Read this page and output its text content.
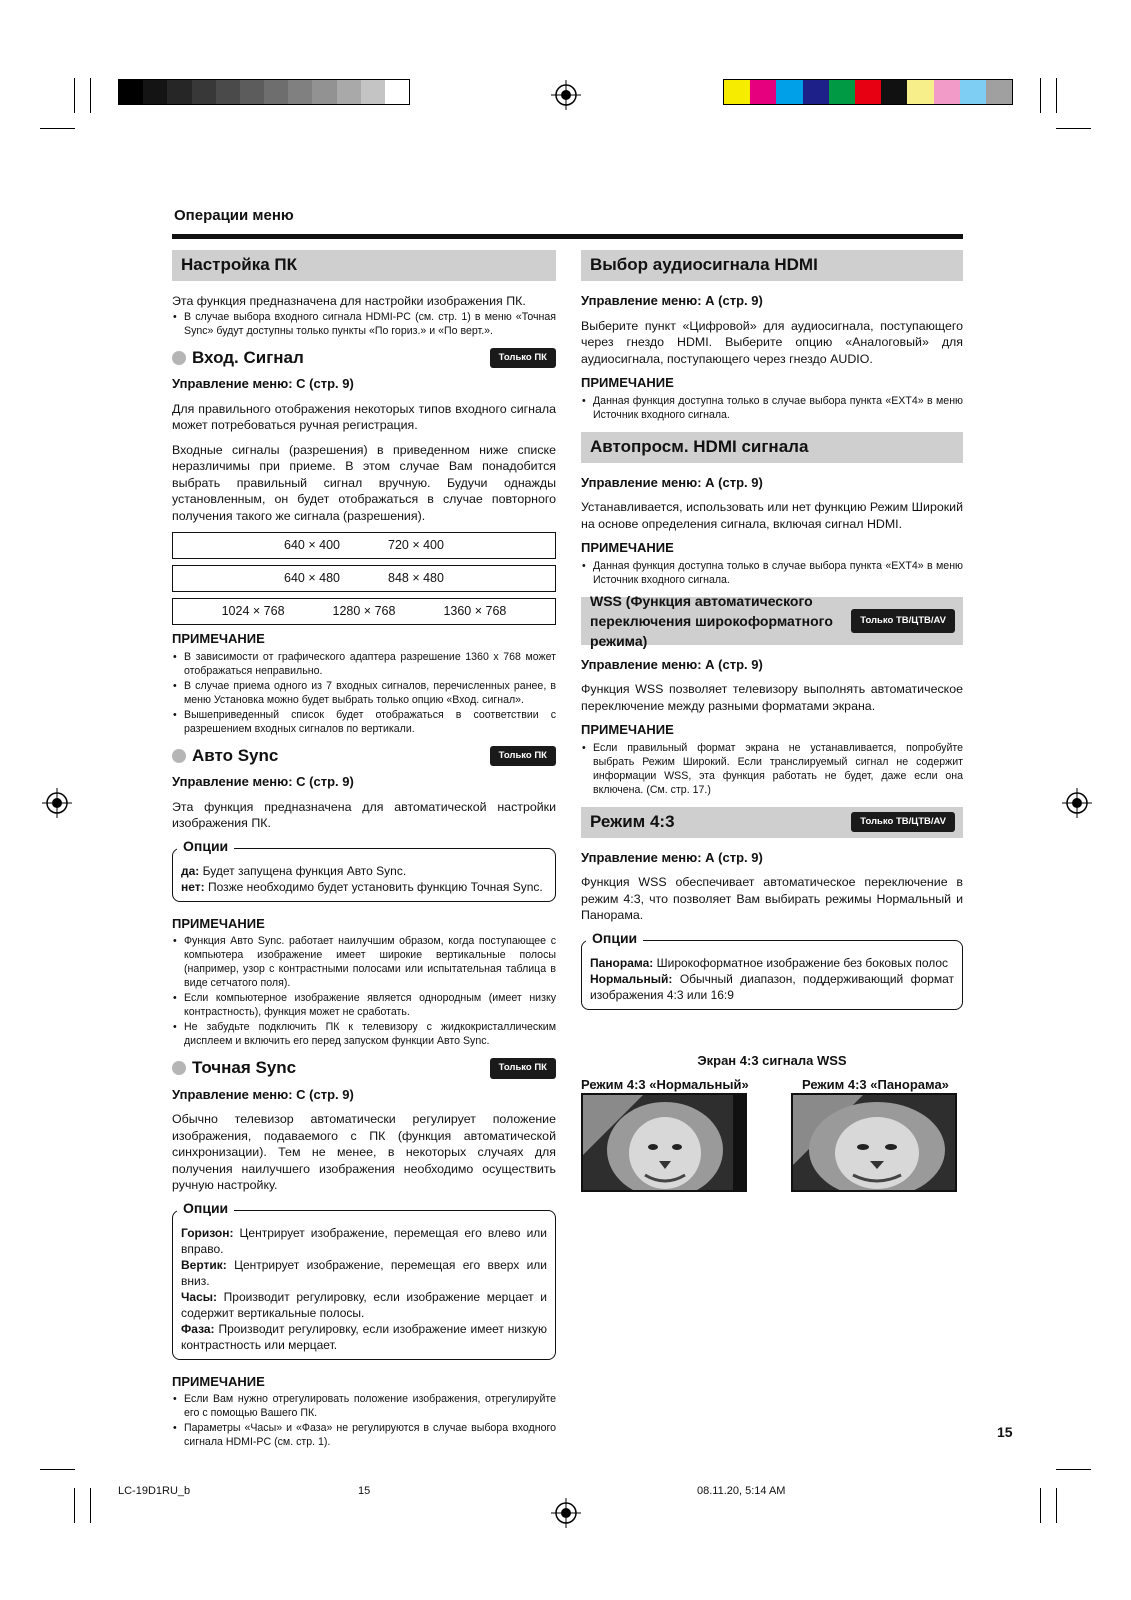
Операции меню
Настройка ПК

Эта функция предназначена для настройки изображения ПК.

• В случае выбора входного сигнала HDMI-PC (см. стр. 1) в меню «Точная Sync» будут доступны только пункты «По гориз.» и «По верт.».
Вход. Сигнал	Только ПК
Управление меню: С (стр. 9)

Для правильного отображения некоторых типов входного сигнала может потребоваться ручная регистрация.

Входные сигналы (разрешения) в приведенном ниже списке неразличимы при приеме. В этом случае Вам понадобится выбрать правильный сигнал вручную. Будучи однажды установленным, он будет отображаться в случае повторного получения такого же сигнала (разрешения).

640 × 400	720 × 400
640 × 480	848 × 480
1024 × 768	1280 × 768	1360 × 768
ПРИМЕЧАНИЕ
• В зависимости от графического адаптера разрешение 1360 x 768 может отображаться неправильно.
• В случае приема одного из 7 входных сигналов, перечисленных ранее, в меню Установка можно будет выбрать только опцию «Вход. сигнал».
• Вышеприведенный список будет отображаться в соответствии с разрешением входных сигналов по вертикали.
Авто Sync	Только ПК
Управление меню: С (стр. 9)

Эта функция предназначена для автоматической настройки изображения ПК.

Опции
да: Будет запущена функция Авто Sync.
нет: Позже необходимо будет установить функцию Точная Sync.
ПРИМЕЧАНИЕ
• Функция Авто Sync. работает наилучшим образом, когда поступающее с компьютера изображение имеет широкие вертикальные полосы (например, узор с контрастными полосами или испытательная таблица в виде сетчатого поля).
• Если компьютерное изображение является однородным (имеет низку контрастность), функция может не сработать.
• Не забудьте подключить ПК к телевизору с жидкокристаллическим дисплеем и включить его перед запуском функции Авто Sync.
Точная Sync	Только ПК
Управление меню: С (стр. 9)

Обычно телевизор автоматически регулирует положение изображения, подаваемого с ПК (функция автоматической синхронизации). Тем не менее, в некоторых случаях для получения наилучшего изображения необходимо осуществить ручную настройку.

Опции
Горизон: Центрирует изображение, перемещая его влево или вправо.
Вертик: Центрирует изображение, перемещая его вверх или вниз.
Часы: Производит регулировку, если изображение мерцает и содержит вертикальные полосы.
Фаза: Производит регулировку, если изображение имеет низкую контрастность или мерцает.
ПРИМЕЧАНИЕ
• Если Вам нужно отрегулировать положение изображения, отрегулируйте его с помощью Вашего ПК.
• Параметры «Часы» и «Фаза» не регулируются в случае выбора входного сигнала HDMI-PC (см. стр. 1).
Выбор аудиосигнала HDMI
Управление меню: А (стр. 9)

Выберите пункт «Цифровой» для аудиосигнала, поступающего через гнездо HDMI. Выберите опцию «Аналоговый» для аудиосигнала, поступающего через гнездо AUDIO.

ПРИМЕЧАНИЕ
• Данная функция доступна только в случае выбора пункта «EXT4» в меню Источник входного сигнала.
Автопросм. HDMI сигнала
Управление меню: А (стр. 9)

Устанавливается, использовать или нет функцию Режим Широкий на основе определения сигнала, включая сигнал HDMI.

ПРИМЕЧАНИЕ
• Данная функция доступна только в случае выбора пункта «EXT4» в меню Источник входного сигнала.
WSS (Функция автоматического
переключения широкоформатного режима)
Только ТВ/ЦТВ/AV
Управление меню: А (стр. 9)

Функция WSS позволяет телевизору выполнять автоматическое переключение между разными форматами экрана.

ПРИМЕЧАНИЕ
• Если правильный формат экрана не устанавливается, попробуйте выбрать Режим Широкий. Если транслируемый сигнал не содержит информации WSS, эта функция работать не будет, даже если она включена. (См. стр. 17.)
Режим 4:3	Только ТВ/ЦТВ/AV
Управление меню: А (стр. 9)

Функция WSS обеспечивает автоматическое переключение в режим 4:3, что позволяет Вам выбирать режимы Нормальный и Панорама.

Опции
Панорама: Широкоформатное изображение без боковых полос
Нормальный: Обычный диапазон, поддерживающий формат изображения 4:3 или 16:9
Экран 4:3 сигнала WSS
Режим 4:3 «Нормальный»	Режим 4:3 «Панорама»
15
LC-19D1RU_b	15	08.11.20, 5:14 AM
